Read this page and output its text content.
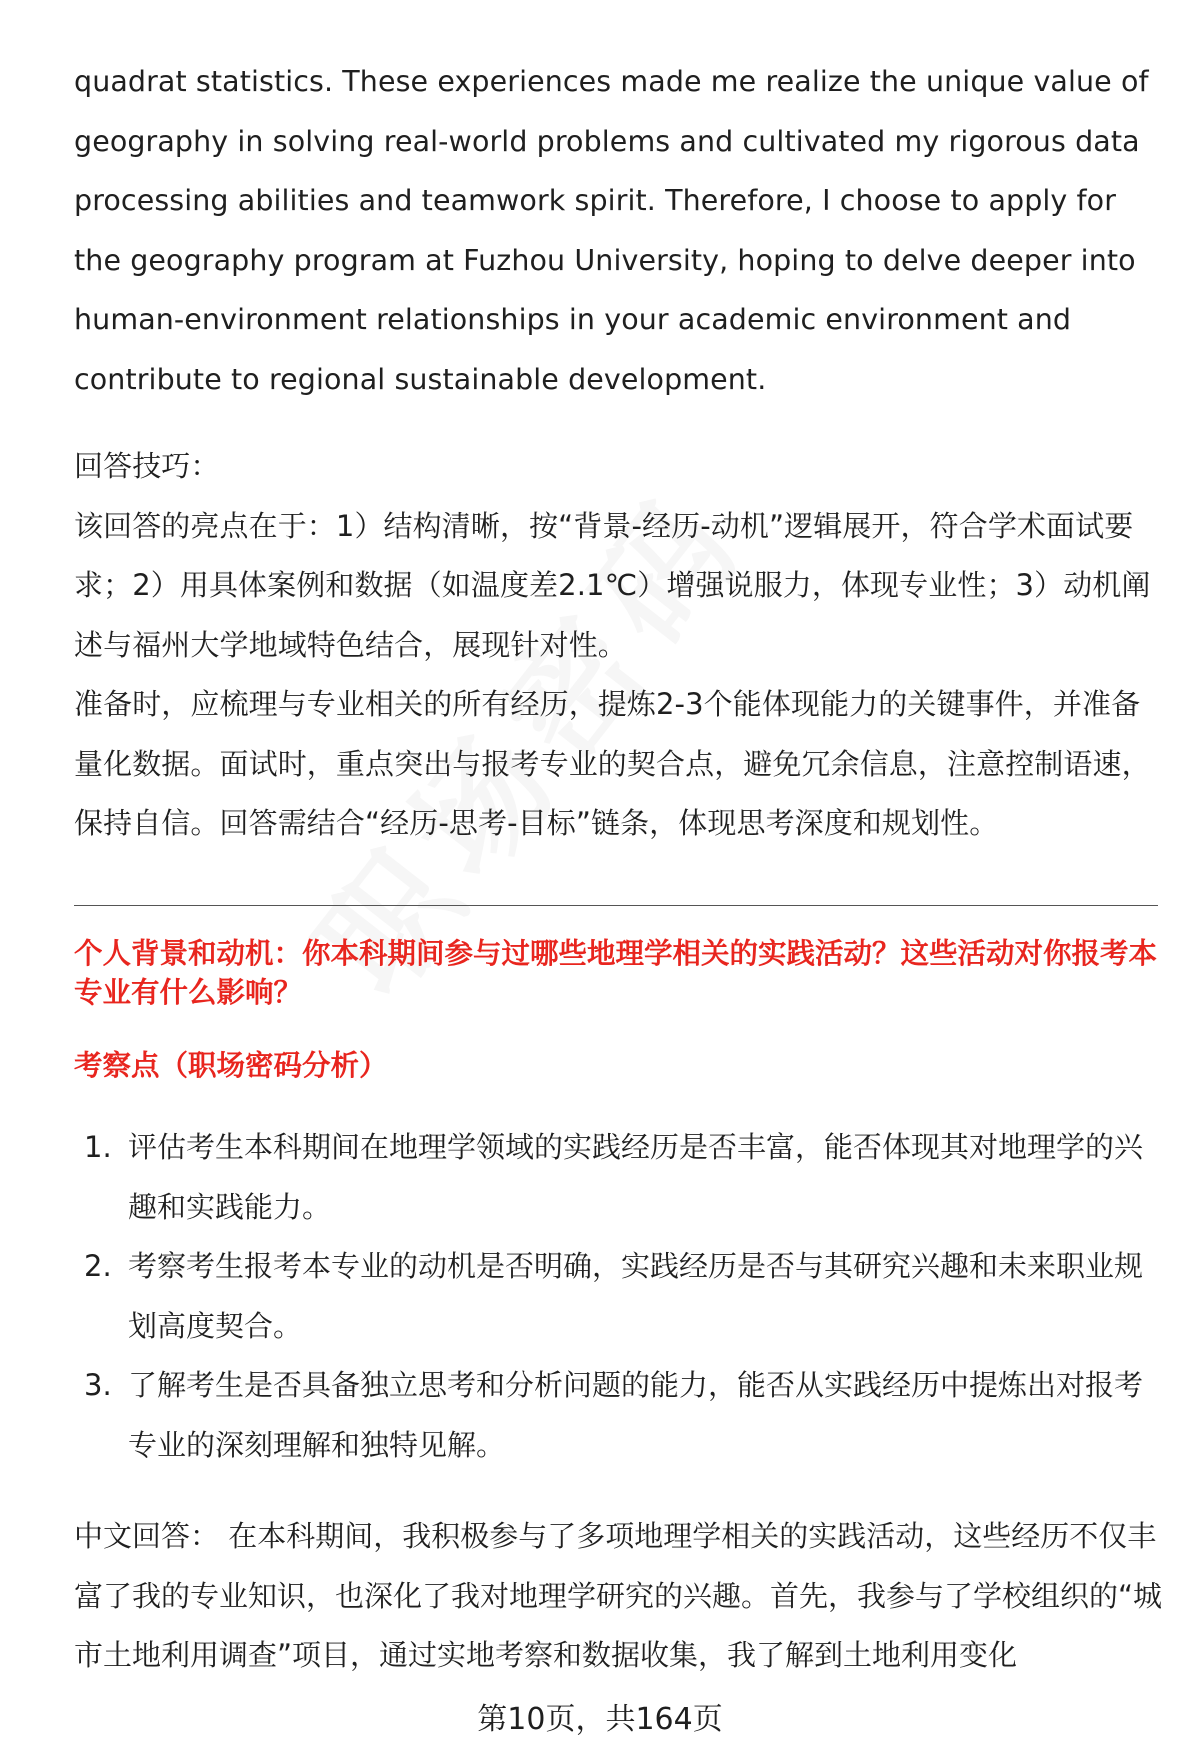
quadrat statistics. These experiences made me realize the unique value of geography in solving real-world problems and cultivated my rigorous data processing abilities and teamwork spirit. Therefore, I choose to apply for the geography program at Fuzhou University, hoping to delve deeper into human-environment relationships in your academic environment and contribute to regional sustainable development.

回答技巧：

该回答的亮点在于：1）结构清晰，按“背景-经历-动机”逻辑展开，符合学术面试要求；2）用具体案例和数据（如温度差2.1℃）增强说服力，体现专业性；3）动机阐述与福州大学地域特色结合，展现针对性。

准备时，应梳理与专业相关的所有经历，提炼2-3个能体现能力的关键事件，并准备量化数据。面试时，重点突出与报考专业的契合点，避免冗余信息，注意控制语速，保持自信。回答需结合“经历-思考-目标”链条，体现思考深度和规划性。

个人背景和动机：你本科期间参与过哪些地理学相关的实践活动？这些活动对你报考本专业有什么影响？
考察点（职场密码分析）
1. 评估考生本科期间在地理学领域的实践经历是否丰富，能否体现其对地理学的兴趣和实践能力。
2. 考察考生报考本专业的动机是否明确，实践经历是否与其研究兴趣和未来职业规划高度契合。
3. 了解考生是否具备独立思考和分析问题的能力，能否从实践经历中提炼出对报考专业的深刻理解和独特见解。

中文回答： 在本科期间，我积极参与了多项地理学相关的实践活动，这些经历不仅丰富了我的专业知识，也深化了我对地理学研究的兴趣。首先，我参与了学校组织的“城市土地利用调查”项目，通过实地考察和数据收集，我了解到土地利用变化

第10页，共164页
